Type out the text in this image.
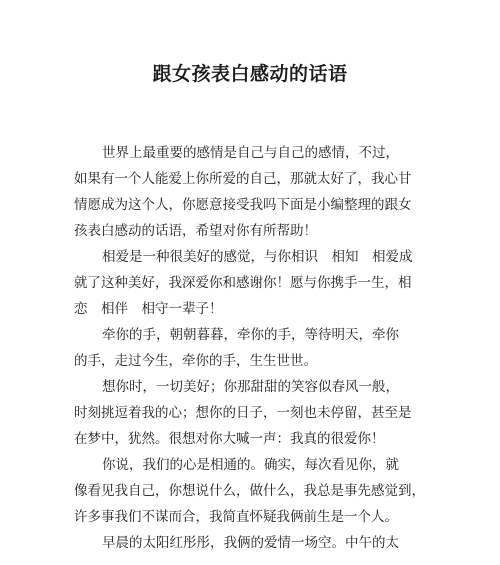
跟女孩表白感动的话语

世界上最重要的感情是自己与自己的感情，不过，
如果有一个人能爱上你所爱的自己，那就太好了，我心甘
情愿成为这个人，你愿意接受我吗下面是小编整理的跟女
孩表白感动的话语，希望对你有所帮助！

相爱是一种很美好的感觉，与你相识　相知　相爱成
就了这种美好，我深爱你和感谢你！愿与你携手一生，相
恋　相伴　相守一辈子！

牵你的手，朝朝暮暮，牵你的手，等待明天，牵你
的手，走过今生，牵你的手，生生世世。

想你时，一切美好；你那甜甜的笑容似春风一般，
时刻挑逗着我的心；想你的日子，一刻也未停留，甚至是
在梦中，犹然。很想对你大喊一声：我真的很爱你！

你说，我们的心是相通的。确实，每次看见你，就
像看见我自己，你想说什么，做什么，我总是事先感觉到，
许多事我们不谋而合，我简直怀疑我俩前生是一个人。

早晨的太阳红彤彤，我俩的爱情一场空。中午的太
